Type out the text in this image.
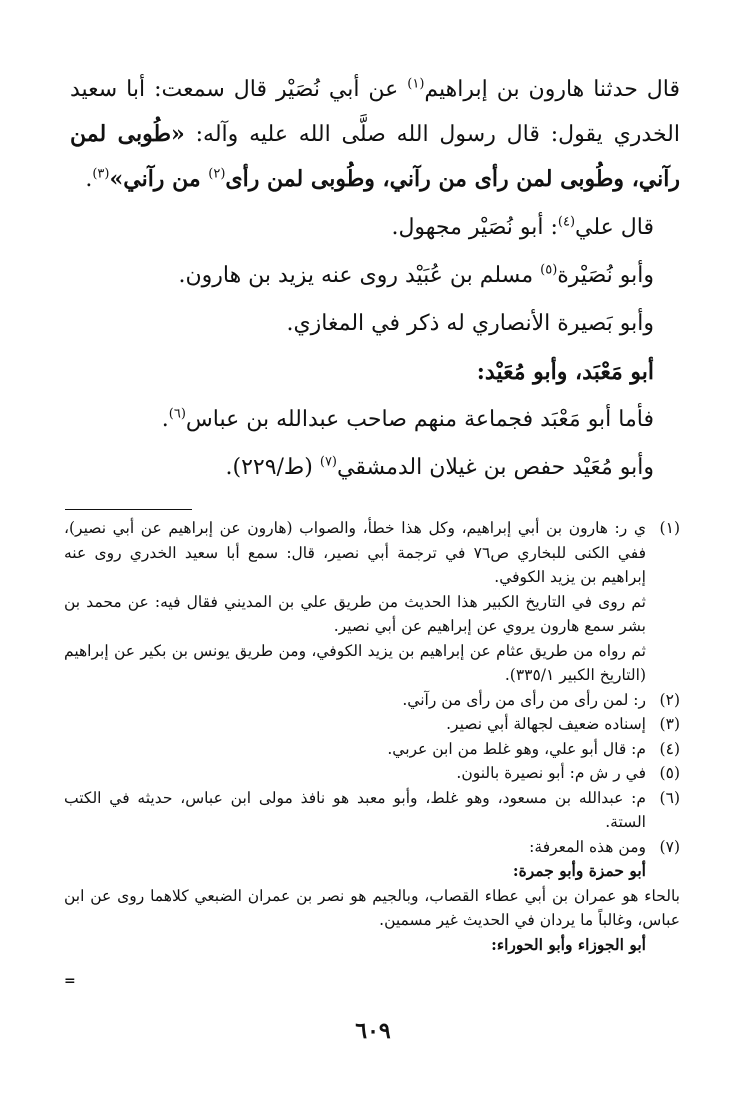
قال حدثنا هارون بن إبراهيم$^{(١)}$ عن أبي نُصَيْر قال سمعت: أبا سعيد الخدري يقول: قال رسول الله صلَّى الله عليه وآله: «طُوبى لمن رآني، وطُوبى لمن رأى من رآني، وطُوبى لمن رأى$^{(٢)}$ من رآني»$^{(٣)}$.

قال علي$^{(٤)}$: أبو نُصَيْر مجهول.

وأبو نُصَيْرة$^{(٥)}$ مسلم بن عُبَيْد روى عنه يزيد بن هارون.

وأبو بَصيرة الأنصاري له ذكر في المغازي.

أبو مَعْبَد، وأبو مُعَيْد:

فأما أبو مَعْبَد فجماعة منهم صاحب عبدالله بن عباس$^{(٦)}$.

وأبو مُعَيْد حفص بن غيلان الدمشقي$^{(٧)}$ (ط/٢٢٩).

(١)

ي ر: هارون بن أبي إبراهيم، وكل هذا خطأ، والصواب (هارون عن إبراهيم عن أبي نصير)، ففي الكنى للبخاري ص٧٦ في ترجمة أبي نصير، قال: سمع أبا سعيد الخدري روى عنه إبراهيم بن يزيد الكوفي.

ثم روى في التاريخ الكبير هذا الحديث من طريق علي بن المديني فقال فيه: عن محمد بن بشر سمع هارون يروي عن إبراهيم عن أبي نصير.

ثم رواه من طريق عثام عن إبراهيم بن يزيد الكوفي، ومن طريق يونس بن بكير عن إبراهيم (التاريخ الكبير ٣٣٥/١).

(٢)
ر: لمن رأى من رأى من رأى من رآني.
(٣)
إسناده ضعيف لجهالة أبي نصير.
(٤)
م: قال أبو علي، وهو غلط من ابن عربي.
(٥)
في ر ش م: أبو نصيرة بالنون.
(٦)
م: عبدالله بن مسعود، وهو غلط، وأبو معبد هو نافذ مولى ابن عباس، حديثه في الكتب الستة.
(٧)

ومن هذه المعرفة:

أبو حمزة وأبو جمرة:

بالحاء هو عمران بن أبي عطاء القصاب، وبالجيم هو نصر بن عمران الضبعي كلاهما روى عن ابن عباس، وغالباً ما يردان في الحديث غير مسمين.

أبو الجوزاء وأبو الحوراء:

=
٦٠٩
